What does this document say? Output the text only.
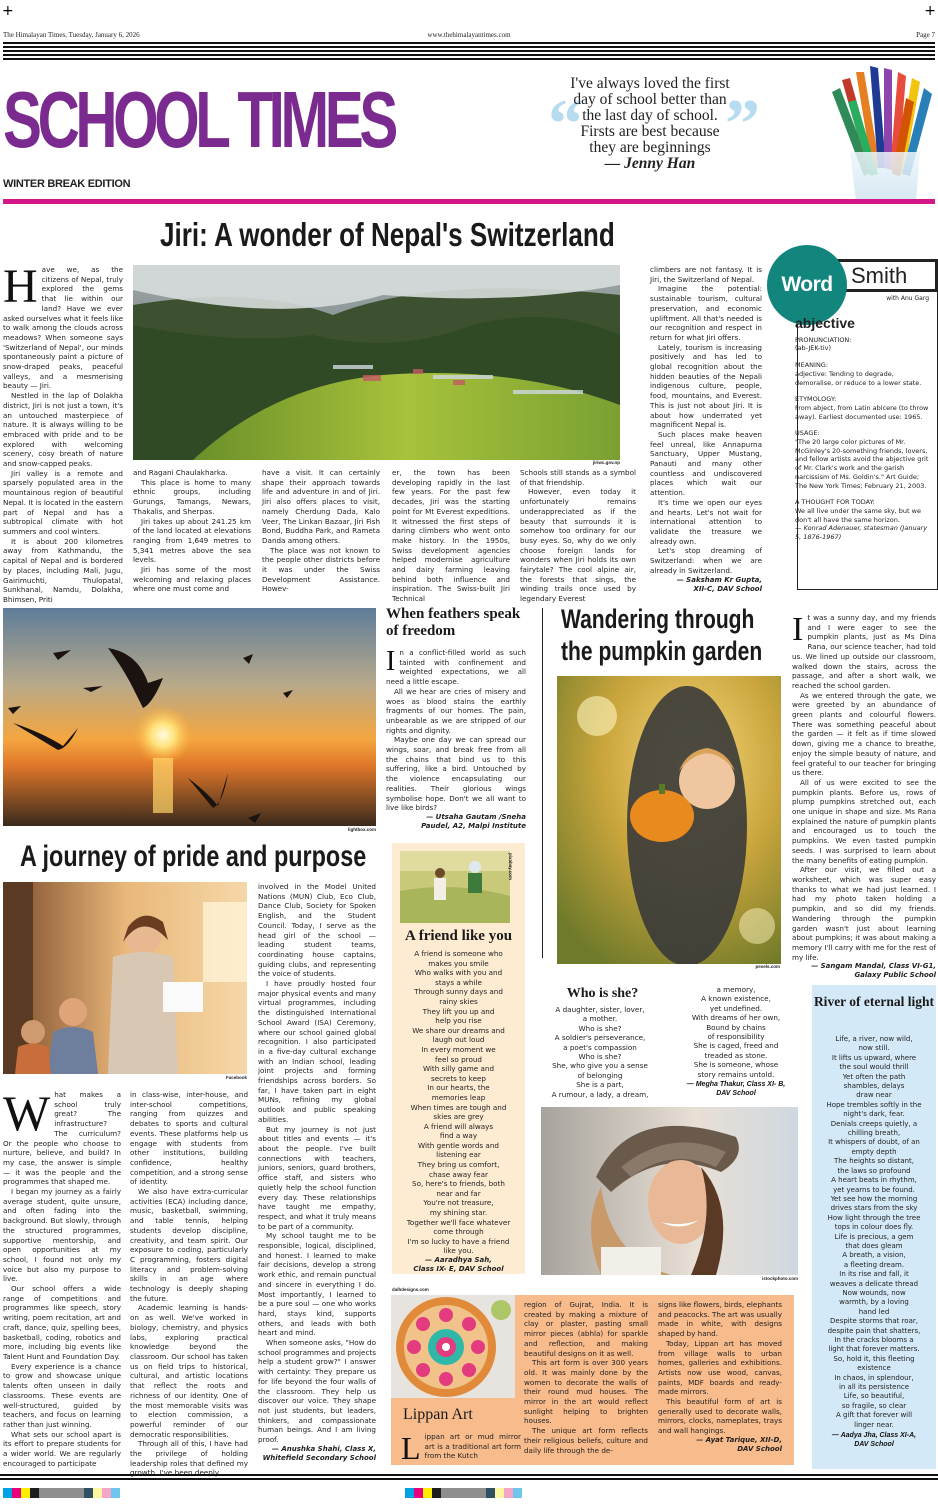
+	+
The Himalayan Times, Tuesday, January 6, 2026	www.thehimalayantimes.com	Page 7
SCHOOL TIMES
WINTER BREAK EDITION
“ ”
I've always loved the first
day of school better than
the last day of school.
Firsts are best because
they are beginnings
— Jenny Han
Jiri: A wonder of Nepal's Switzerland
H ave we, as the citizens of Nepal, truly explored the gems that lie within our land? Have we ever asked ourselves what it feels like to walk among the clouds across meadows? When someone says 'Switzerland of Nepal', our minds spontaneously paint a picture of snow-draped peaks, peaceful valleys, and a mesmerising beauty — Jiri.

Nestled in the lap of Dolakha district, Jiri is not just a town, it's an untouched masterpiece of nature. It is always willing to be embraced with pride and to be explored with welcoming scenery, cosy breath of nature and snow-capped peaks.

Jiri valley is a remote and sparsely populated area in the mountainous region of beautiful Nepal. It is located in the eastern part of Nepal and has a subtropical climate with hot summers and cool winters.

It is about 200 kilometres away from Kathmandu, the capital of Nepal and is bordered by places, including Mali, Jugu, Gairimuchti, Thulopatal, Sunkhanal, Namdu, Dolakha, Bhimsen, Priti

jiriwc.gov.np

and Ragani Chaulakharka.

This place is home to many ethnic groups, including Gurungs, Tamangs, Newars, Thakalis, and Sherpas.

Jiri takes up about 241.25 km of the land located at elevations ranging from 1,649 metres to 5,341 metres above the sea levels.

Jiri has some of the most welcoming and relaxing places where one must come and

have a visit. It can certainly shape their approach towards life and adventure in and of Jiri. Jiri also offers places to visit, namely Cherdung Dada, Kalo Veer, The Linkan Bazaar, Jiri Fish Bond, Buddha Park, and Rameta Danda among others.

The place was not known to the people other districts before it was under the Swiss Development Assistance. Howev-

er, the town has been developing rapidly in the last few years. For the past few decades, Jiri was the starting point for Mt Everest expeditions. It witnessed the first steps of daring climbers who went onto make history. In the 1950s, Swiss development agencies helped modernise agriculture and dairy farming leaving behind both influence and inspiration. The Swiss-built Jiri Technical

Schools still stands as a symbol of that friendship.

However, even today it unfortunately remains underappreciated as if the beauty that surrounds it is somehow too ordinary for our busy eyes. So, why do we only choose foreign lands for wonders when Jiri holds its own fairytale? The cool alpine air, the forests that sings, the winding trails once used by legendary Everest

climbers are not fantasy. It is Jiri, the Switzerland of Nepal.

Imagine the potential: sustainable tourism, cultural preservation, and economic upliftment. All that's needed is our recognition and respect in return for what Jiri offers.

Lately, tourism is increasing positively and has led to global recognition about the hidden beauties of the Nepali indigenous culture, people, food, mountains, and Everest. This is just not about Jiri. It is about how underrated yet magnificent Nepal is.

Such places make heaven feel unreal, like Annapurna Sanctuary, Upper Mustang, Panauti and many other countless and undiscovered places which wait our attention.

It's time we open our eyes and hearts. Let's not wait for international attention to validate the treasure we already own.

Let's stop dreaming of Switzerland: when we are already in Switzerland.

— Saksham Kr Gupta,
XII-C, DAV School
Word Smith
with Anu Garg
abjective
PRONUNCIATION:
(ab-JEK-tiv)
MEANING:
adjective: Tending to degrade, demoralise, or reduce to a lower state.
ETYMOLOGY:
From abject, from Latin abicere (to throw away). Earliest documented use: 1965.
USAGE:
"The 20 large color pictures of Mr. McGinley's 20-something friends, lovers, and fellow artists avoid the abjective grit of Mr. Clark's work and the garish narcissism of Ms. Goldin's." Art Guide; The New York Times; February 21, 2003.
A THOUGHT FOR TODAY:
We all live under the same sky, but we don't all have the same horizon.
— Konrad Adenauer, statesman (January 5, 1876-1967)
lightbox.com
When feathers speak of freedom
I n a conflict-filled world as such tainted with confinement and weighted expectations, we all need a little escape.

All we hear are cries of misery and woes as blood stains the earthly fragments of our homes. The pain, unbearable as we are stripped of our rights and dignity.

Maybe one day we can spread our wings, soar, and break free from all the chains that bind us to this suffering, like a bird. Untouched by the violence encapsulating our realities. Their glorious wings symbolise hope. Don't we all want to live like birds?

— Utsaha Gautam /Sneha
Paudel, A2, Malpi Institute
Wandering through
the pumpkin garden
pexels.com
I t was a sunny day, and my friends and I were eager to see the pumpkin plants, just as Ms Dina Rana, our science teacher, had told us. We lined up outside our classroom, walked down the stairs, across the passage, and after a short walk, we reached the school garden.

As we entered through the gate, we were greeted by an abundance of green plants and colourful flowers. There was something peaceful about the garden — it felt as if time slowed down, giving me a chance to breathe, enjoy the simple beauty of nature, and feel grateful to our teacher for bringing us there.

All of us were excited to see the pumpkin plants. Before us, rows of plump pumpkins stretched out, each one unique in shape and size. Ms Rana explained the nature of pumpkin plants and encouraged us to touch the pumpkins. We even tasted pumpkin seeds. I was surprised to learn about the many benefits of eating pumpkin.

After our visit, we filled out a worksheet, which was super easy thanks to what we had just learned. I had my photo taken holding a pumpkin, and so did my friends. Wandering through the pumpkin garden wasn't just about learning about pumpkins; it was about making a memory I'll carry with me for the rest of my life.

— Sangam Mandal, Class VI-G1,
Galaxy Public School
A journey of pride and purpose
Facebook
W hat makes a school truly great? The infrastructure? The curriculum? Or the people who choose to nurture, believe, and build? In my case, the answer is simple — it was the people and the programmes that shaped me.

I began my journey as a fairly average student, quite unsure, and often fading into the background. But slowly, through the structured programmes, supportive mentorship, and open opportunities at my school, I found not only my voice but also my purpose to live.

Our school offers a wide range of competitions and programmes like speech, story writing, poem recitation, art and craft, dance, quiz, spelling bees, basketball, coding, robotics and more, including big events like Talent Hunt and Foundation Day.

Every experience is a chance to grow and showcase unique talents often unseen in daily classrooms. These events are well-structured, guided by teachers, and focus on learning rather than just winning.

What sets our school apart is its effort to prepare students for a wider world. We are regularly encouraged to participate

in class-wise, inter-house, and inter-school competitions, ranging from quizzes and debates to sports and cultural events. These platforms help us engage with students from other institutions, building confidence, healthy competition, and a strong sense of identity.

We also have extra-curricular activities (ECA) including dance, music, basketball, swimming, and table tennis, helping students develop discipline, creativity, and team spirit. Our exposure to coding, particularly C programming, fosters digital literacy and problem-solving skills in an age where technology is deeply shaping the future.

Academic learning is hands-on as well. We've worked in biology, chemistry, and physics labs, exploring practical knowledge beyond the classroom. Our school has taken us on field trips to historical, cultural, and artistic locations that reflect the roots and richness of our identity. One of the most memorable visits was to election commission, a powerful reminder of our democratic responsibilities.

Through all of this, I have had the privilege of holding leadership roles that defined my growth. I've been deeply

involved in the Model United Nations (MUN) Club, Eco Club, Dance Club, Society for Spoken English, and the Student Council. Today, I serve as the head girl of the school — leading student teams, coordinating house captains, guiding clubs, and representing the voice of students.

I have proudly hosted four major physical events and many virtual programmes, including the distinguished International School Award (ISA) Ceremony, where our school gained global recognition. I also participated in a five-day cultural exchange with an Indian school, leading joint projects and forming friendships across borders. So far, I have taken part in eight MUNs, refining my global outlook and public speaking abilities.

But my journey is not just about titles and events — it's about the people. I've built connections with teachers, juniors, seniors, guard brothers, office staff, and sisters who quietly help the school function every day. These relationships have taught me empathy, respect, and what it truly means to be part of a community.

My school taught me to be responsible, logical, disciplined, and honest. I learned to make fair decisions, develop a strong work ethic, and remain punctual and sincere in everything I do. Most importantly, I learned to be a pure soul — one who works hard, stays kind, supports others, and leads with both heart and mind.

When someone asks, "How do school programmes and projects help a student grow?" I answer with certainty: They prepare us for life beyond the four walls of the classroom. They help us discover our voice. They shape not just students, but leaders, thinkers, and compassionate human beings. And I am living proof.

— Anushka Shahi, Class X,
Whitefield Secondary School
pixabay.com
A friend like you
A friend is someone who
makes you smile
Who walks with you and
stays a while
Through sunny days and
rainy skies
They lift you up and
help you rise
We share our dreams and
laugh out loud
In every moment we
feel so proud
With silly game and
secrets to keep
In our hearts, the
memories leap
When times are tough and
skies are grey
A friend will always
find a way
With gentle words and
listening ear
They bring us comfort,
chase away fear
So, here's to friends, both
near and far
You're not treasure,
my shining star.
Together we'll face whatever
come through
I'm so lucky to have a friend
like you.
— Aaradhya Sah,
Class IX- E, DAV School
Who is she?
A daughter, sister, lover,
a mother.
Who is she?
A soldier's perseverance,
a poet's compassion
Who is she?
She, who give you a sense
of belonging
She is a part,
A rumour, a lady, a dream,
a memory,
A known existence,
yet undefined.
With dreams of her own,
Bound by chains
of responsibility
She is caged, freed and
treaded as stone.
She is someone, whose
story remains untold.
— Megha Thakur, Class XI- B,
DAV School
istockphoto.com
River of eternal light
Life, a river, now wild,
now still.
It lifts us upward, where
the soul would thrill
Yet often the path
shambles, delays
draw near
Hope trembles softly in the
night's dark, fear.
Denials creeps quietly, a
chilling breath,
It whispers of doubt, of an
empty depth
The heights so distant,
the laws so profound
A heart beats in rhythm,
yet yearns to be found.
Yet see how the morning
drives stars from the sky
How light through the tree
tops in colour does fly.
Life is precious, a gem
that does gleam
A breath, a vision,
a fleeting dream.
In its rise and fall, it
weaves a delicate thread
Now wounds, now
warmth, by a loving
hand led
Despite storms that roar,
despite pain that shatters,
In the cracks blooms a
light that forever matters.
So, hold it, this fleeting
existence
In chaos, in splendour,
in all its persistence
Life, so beautiful,
so fragile, so clear
A gift that forever will
linger near.
— Aadya Jha, Class XI-A,
DAV School
dalhdesigns.com
Lippan Art
L ippan art or mud mirror art is a traditional art form from the Kutch

region of Gujrat, India. It is created by making a mixture of clay or plaster, pasting small mirror pieces (abhla) for sparkle and reflection, and making beautiful designs on it as well.

This art form is over 300 years old. It was mainly done by the women to decorate the walls of their round mud houses. The mirror in the art would reflect sunlight helping to brighten houses.

The unique art form reflects their religious beliefs, culture and daily life through the de-

signs like flowers, birds, elephants and peacocks. The art was usually made in white, with designs shaped by hand.

Today, Lippan art has moved from village walls to urban homes, galleries and exhibitions. Artists now use wood, canvas, paints, MDF boards and ready-made mirrors.

This beautiful form of art is generally used to decorate walls, mirrors, clocks, nameplates, trays and wall hangings.

— Ayat Tarique, XII-D,
DAV School
